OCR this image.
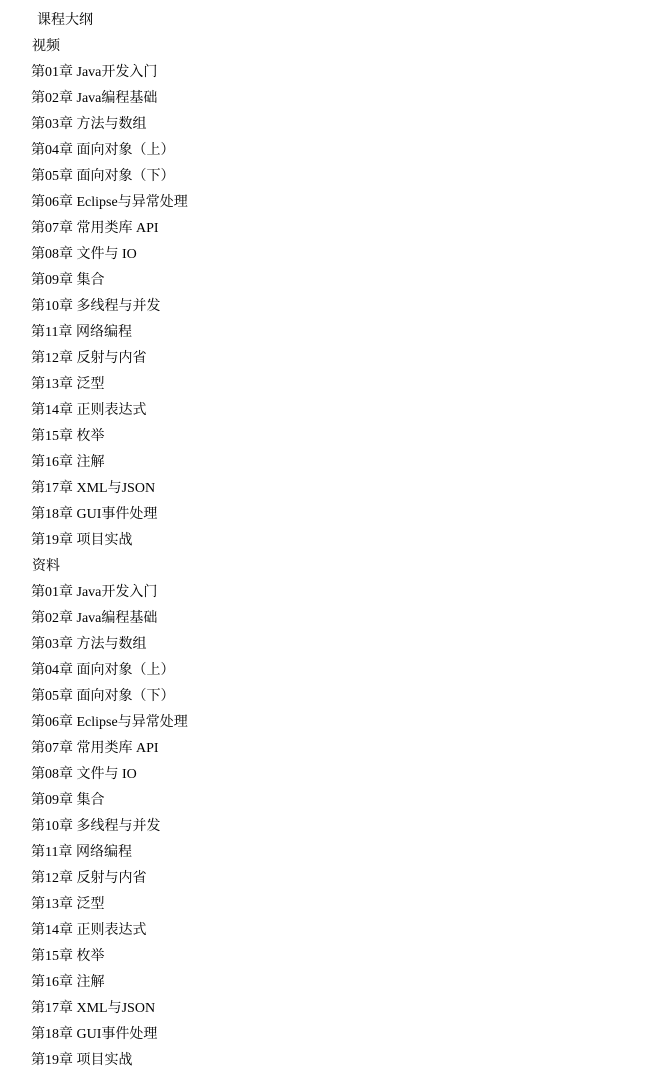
课程大纲
视频
第01章 Java开发入门
第02章 Java编程基础
第03章 方法与数组
第04章 面向对象（上）
第05章 面向对象（下）
第06章 Eclipse与异常处理
第07章 常用类库 API
第08章 文件与 IO
第09章 集合
第10章 多线程与并发
第11章 网络编程
第12章 反射与内省
第13章 泛型
第14章 正则表达式
第15章 枚举
第16章 注解
第17章 XML与JSON
第18章 GUI事件处理
第19章 项目实战
资料
第01章 Java开发入门
第02章 Java编程基础
第03章 方法与数组
第04章 面向对象（上）
第05章 面向对象（下）
第06章 Eclipse与异常处理
第07章 常用类库 API
第08章 文件与 IO
第09章 集合
第10章 多线程与并发
第11章 网络编程
第12章 反射与内省
第13章 泛型
第14章 正则表达式
第15章 枚举
第16章 注解
第17章 XML与JSON
第18章 GUI事件处理
第19章 项目实战
